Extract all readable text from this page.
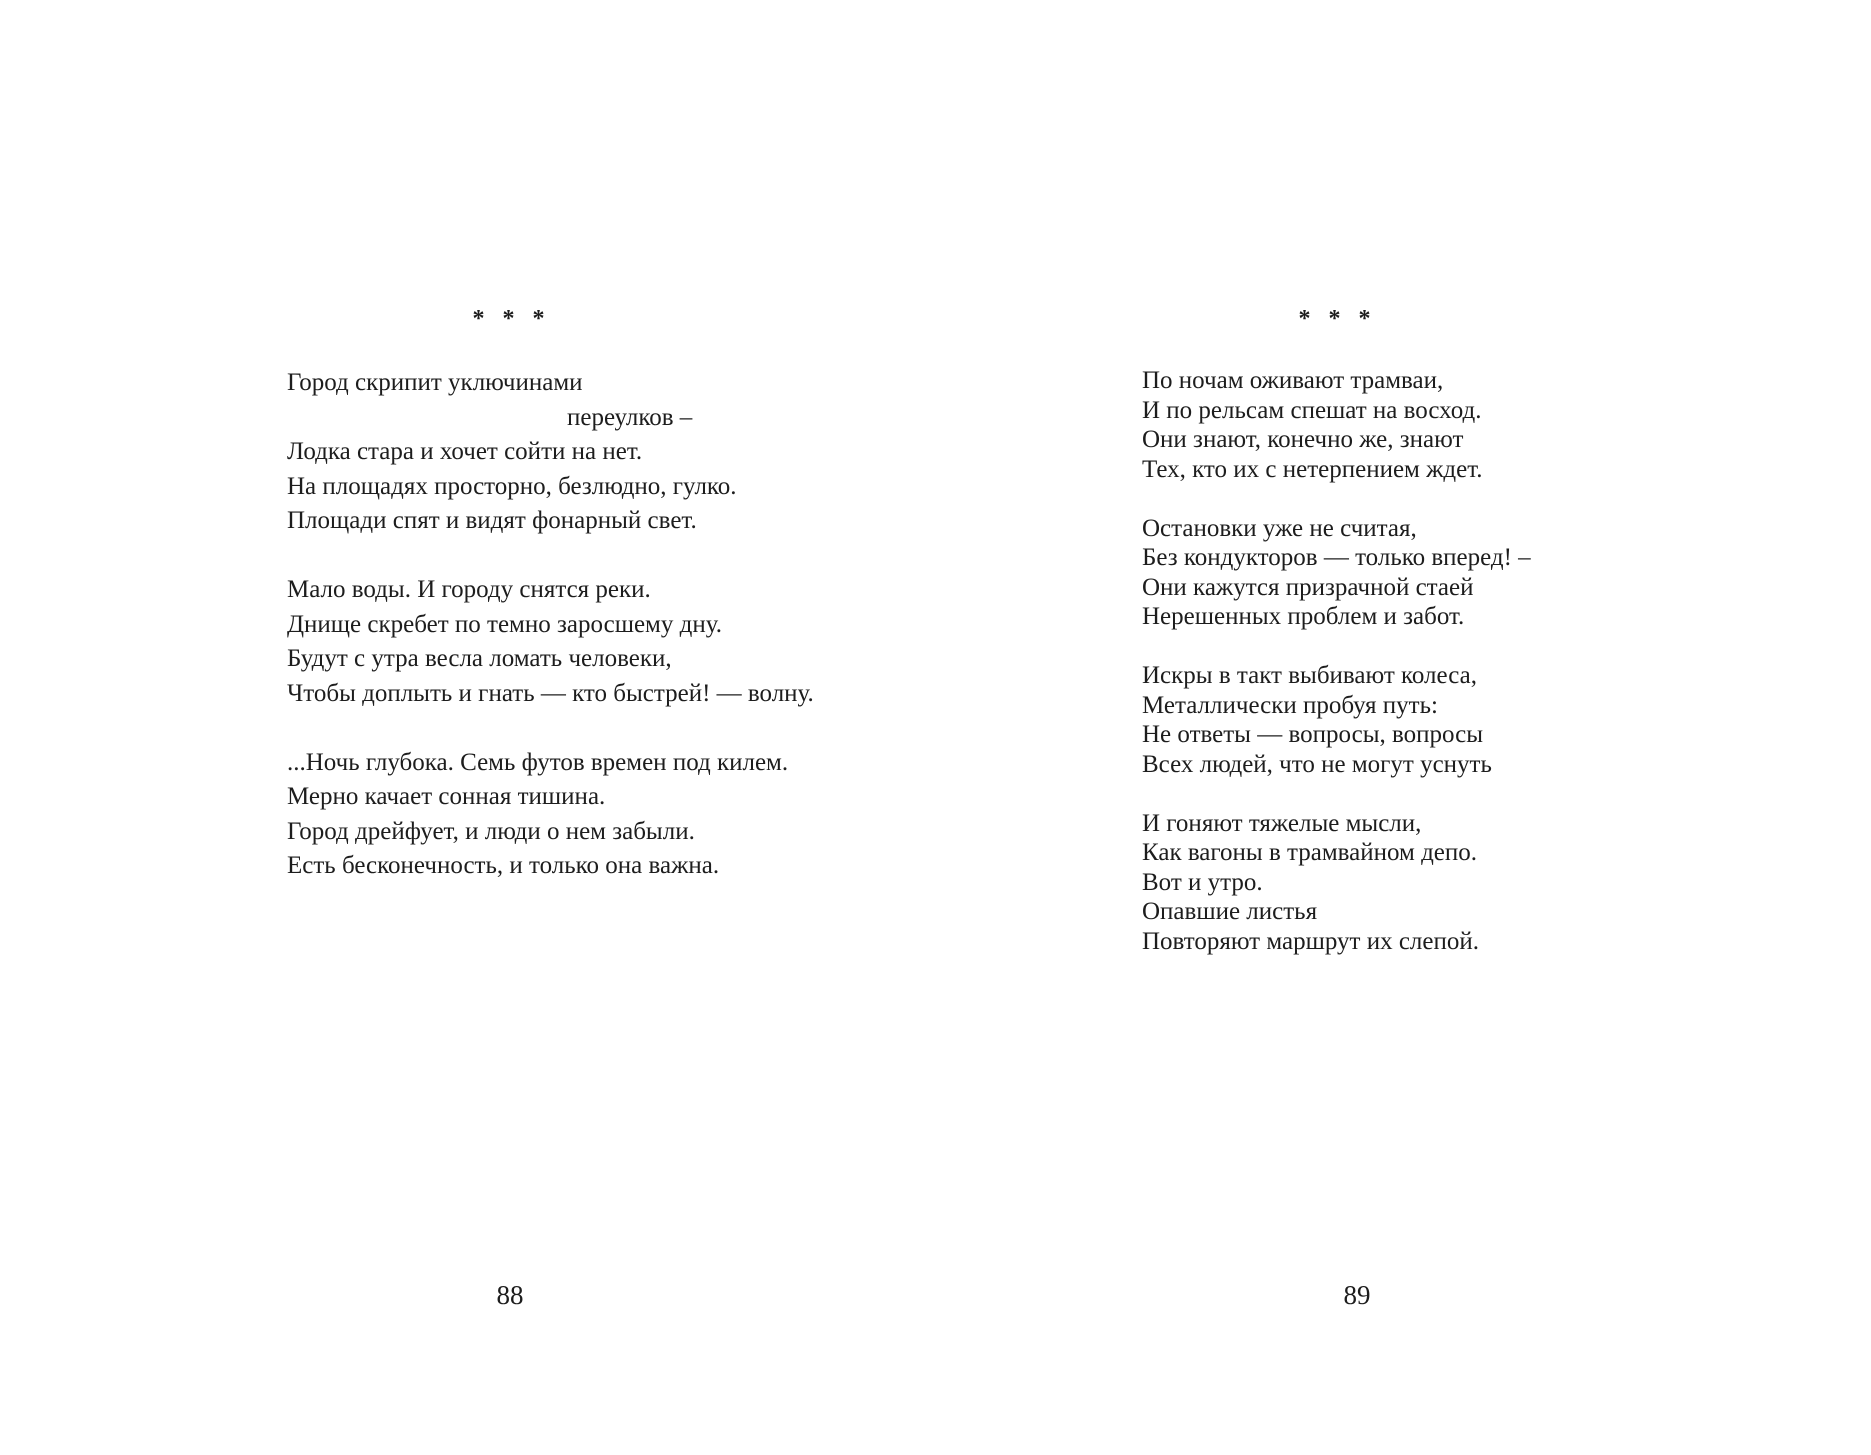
* * *
Город скрипит уключинами
переулков –
Лодка стара и хочет сойти на нет.
На площадях просторно, безлюдно, гулко.
Площади спят и видят фонарный свет.
Мало воды. И городу снятся реки.
Днище скребет по темно заросшему дну.
Будут с утра весла ломать человеки,
Чтобы доплыть и гнать — кто быстрей! — волну.
...Ночь глубока. Семь футов времен под килем.
Мерно качает сонная тишина.
Город дрейфует, и люди о нем забыли.
Есть бесконечность, и только она важна.
88
* * *
По ночам оживают трамваи,
И по рельсам спешат на восход.
Они знают, конечно же, знают
Тех, кто их с нетерпением ждет.
Остановки уже не считая,
Без кондукторов — только вперед! –
Они кажутся призрачной стаей
Нерешенных проблем и забот.
Искры в такт выбивают колеса,
Металлически пробуя путь:
Не ответы — вопросы, вопросы
Всех людей, что не могут уснуть
И гоняют тяжелые мысли,
Как вагоны в трамвайном депо.
Вот и утро.
Опавшие листья
Повторяют маршрут их слепой.
89
